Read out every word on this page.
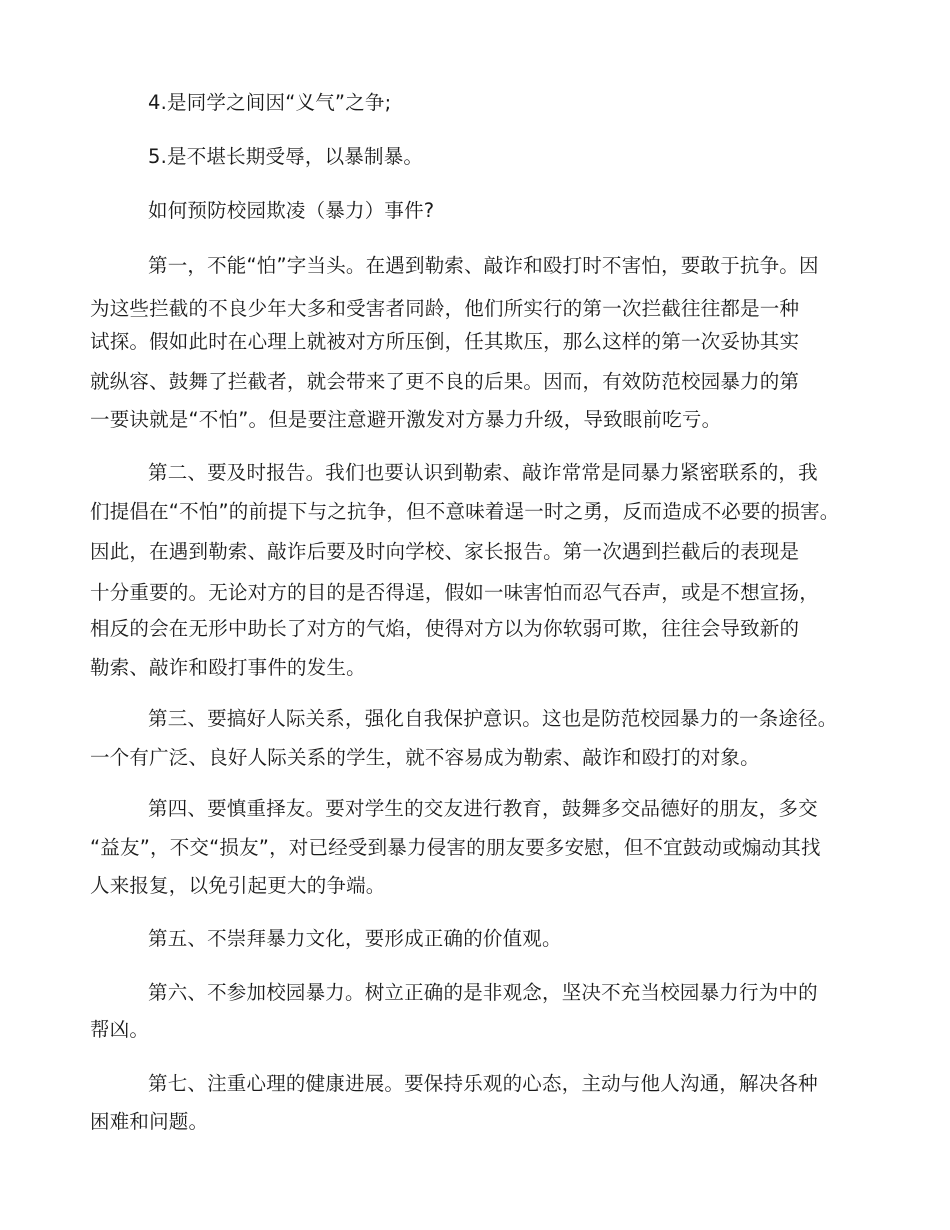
4.是同学之间因“义气”之争;
5.是不堪长期受辱，以暴制暴。
如何预防校园欺凌（暴力）事件?
第一，不能“怕”字当头。在遇到勒索、敲诈和殴打时不害怕，要敢于抗争。因
为这些拦截的不良少年大多和受害者同龄，他们所实行的第一次拦截往往都是一种
试探。假如此时在心理上就被对方所压倒，任其欺压，那么这样的第一次妥协其实
就纵容、鼓舞了拦截者，就会带来了更不良的后果。因而，有效防范校园暴力的第
一要诀就是“不怕”。但是要注意避开激发对方暴力升级，导致眼前吃亏。
第二、要及时报告。我们也要认识到勒索、敲诈常常是同暴力紧密联系的，我
们提倡在“不怕”的前提下与之抗争，但不意味着逞一时之勇，反而造成不必要的损害。
因此，在遇到勒索、敲诈后要及时向学校、家长报告。第一次遇到拦截后的表现是
十分重要的。无论对方的目的是否得逞，假如一味害怕而忍气吞声，或是不想宣扬，
相反的会在无形中助长了对方的气焰，使得对方以为你软弱可欺，往往会导致新的
勒索、敲诈和殴打事件的发生。
第三、要搞好人际关系，强化自我保护意识。这也是防范校园暴力的一条途径。
一个有广泛、良好人际关系的学生，就不容易成为勒索、敲诈和殴打的对象。
第四、要慎重择友。要对学生的交友进行教育，鼓舞多交品德好的朋友，多交
“益友”，不交“损友”，对已经受到暴力侵害的朋友要多安慰，但不宜鼓动或煽动其找
人来报复，以免引起更大的争端。
第五、不崇拜暴力文化，要形成正确的价值观。
第六、不参加校园暴力。树立正确的是非观念，坚决不充当校园暴力行为中的
帮凶。
第七、注重心理的健康进展。要保持乐观的心态，主动与他人沟通，解决各种
困难和问题。
